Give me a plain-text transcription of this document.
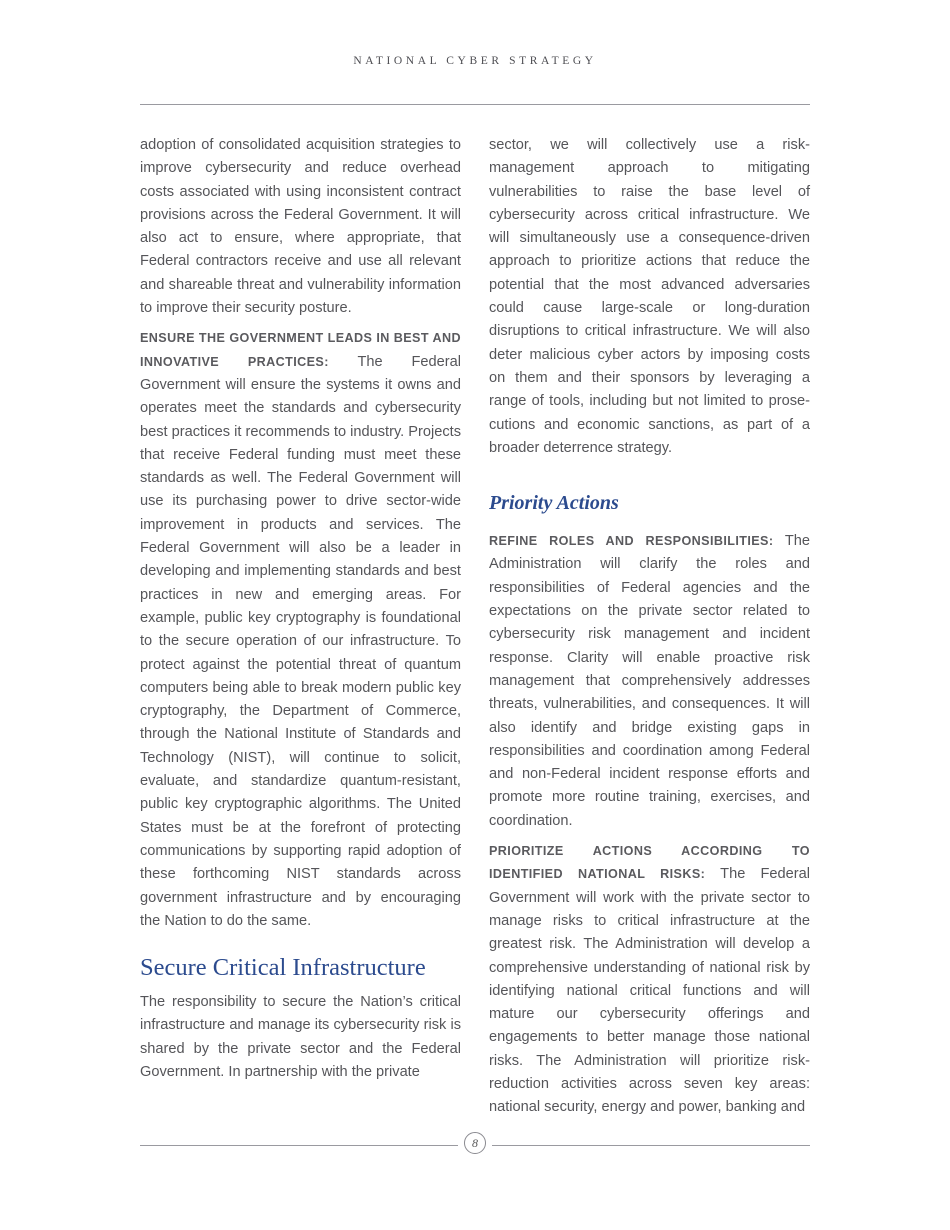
NATIONAL CYBER STRATEGY

adoption of consolidated acquisition strategies to improve cybersecurity and reduce overhead costs associated with using inconsistent contract provisions across the Federal Government. It will also act to ensure, where appropriate, that Federal contractors receive and use all relevant and shareable threat and vulnerability information to improve their security posture.

ENSURE THE GOVERNMENT LEADS IN BEST AND INNOVATIVE PRACTICES: The Federal Government will ensure the systems it owns and operates meet the standards and cybersecurity best practices it recommends to industry. Projects that receive Federal funding must meet these standards as well. The Federal Government will use its purchasing power to drive sector-wide improvement in products and services. The Federal Government will also be a leader in developing and implementing standards and best practices in new and emerging areas. For example, public key cryptography is foundational to the secure operation of our infrastructure. To protect against the potential threat of quantum computers being able to break modern public key cryptography, the Department of Commerce, through the National Institute of Standards and Technology (NIST), will continue to solicit, evaluate, and standardize quantum-resistant, public key cryptographic algorithms. The United States must be at the forefront of protecting communications by supporting rapid adoption of these forthcoming NIST standards across government infrastructure and by encouraging the Nation to do the same.

Secure Critical Infrastructure

The responsibility to secure the Nation’s critical infrastructure and manage its cybersecurity risk is shared by the private sector and the Federal Government. In partnership with the private

sector, we will collectively use a risk-management approach to mitigating vulnerabilities to raise the base level of cybersecurity across critical infrastructure. We will simultaneously use a consequence-driven approach to prioritize actions that reduce the potential that the most advanced adversaries could cause large-scale or long-duration disruptions to critical infrastructure. We will also deter malicious cyber actors by imposing costs on them and their sponsors by leveraging a range of tools, including but not limited to prosecutions and economic sanctions, as part of a broader deterrence strategy.

Priority Actions

REFINE ROLES AND RESPONSIBILITIES: The Administration will clarify the roles and responsibilities of Federal agencies and the expectations on the private sector related to cybersecurity risk management and incident response. Clarity will enable proactive risk management that comprehensively addresses threats, vulnerabilities, and consequences. It will also identify and bridge existing gaps in responsibilities and coordination among Federal and non-Federal incident response efforts and promote more routine training, exercises, and coordination.

PRIORITIZE ACTIONS ACCORDING TO IDENTIFIED NATIONAL RISKS: The Federal Government will work with the private sector to manage risks to critical infrastructure at the greatest risk. The Administration will develop a comprehensive understanding of national risk by identifying national critical functions and will mature our cybersecurity offerings and engagements to better manage those national risks. The Administration will prioritize risk-reduction activities across seven key areas: national security, energy and power, banking and

8
